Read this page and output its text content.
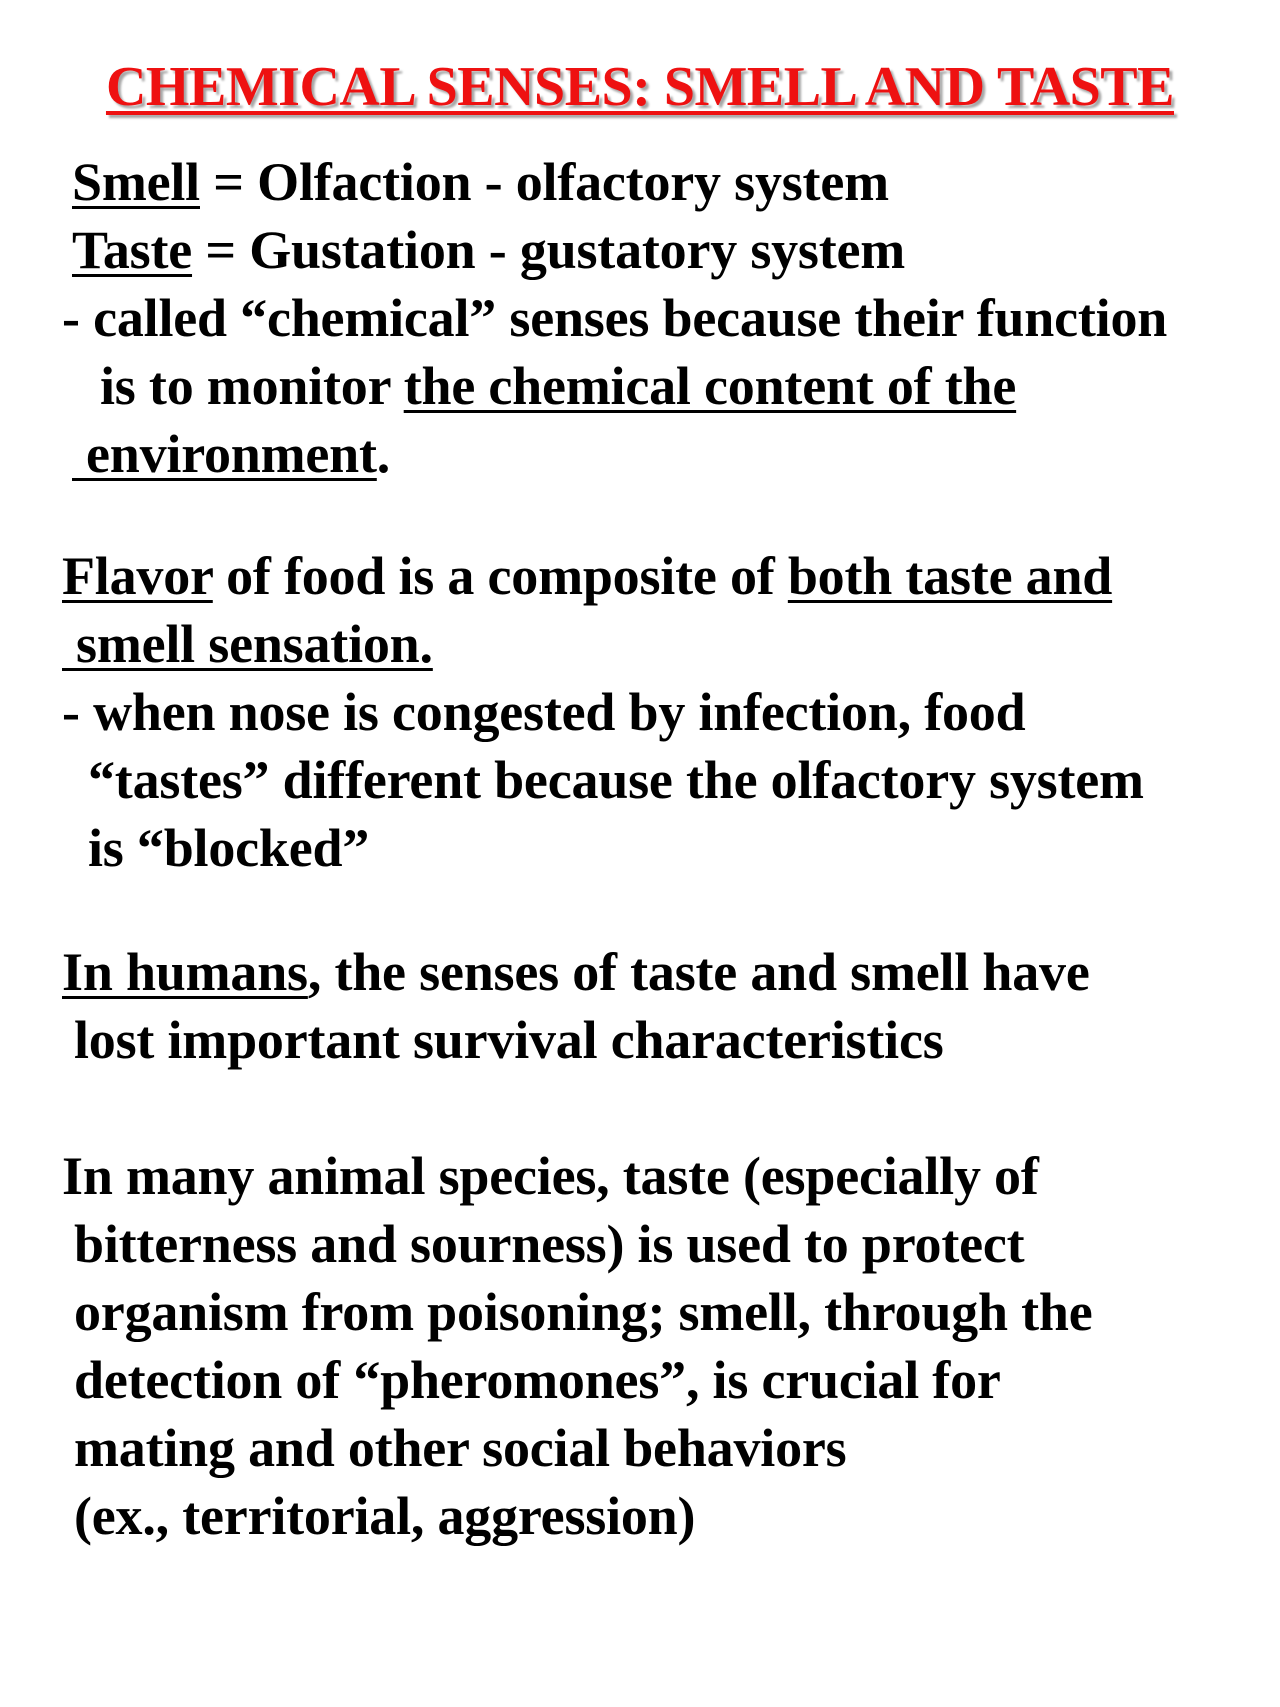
CHEMICAL SENSES: SMELL AND TASTE
Smell = Olfaction - olfactory system
Taste = Gustation - gustatory system
- called “chemical” senses because their function
is to monitor the chemical content of the
environment.
Flavor of food is a composite of both taste and
smell sensation.
- when nose is congested by infection, food
“tastes” different because the olfactory system
is “blocked”
In humans, the senses of taste and smell have
lost important survival characteristics
In many animal species, taste (especially of
bitterness and sourness) is used to protect
organism from poisoning; smell, through the
detection of “pheromones”, is crucial for
mating and other social behaviors
(ex., territorial, aggression)
